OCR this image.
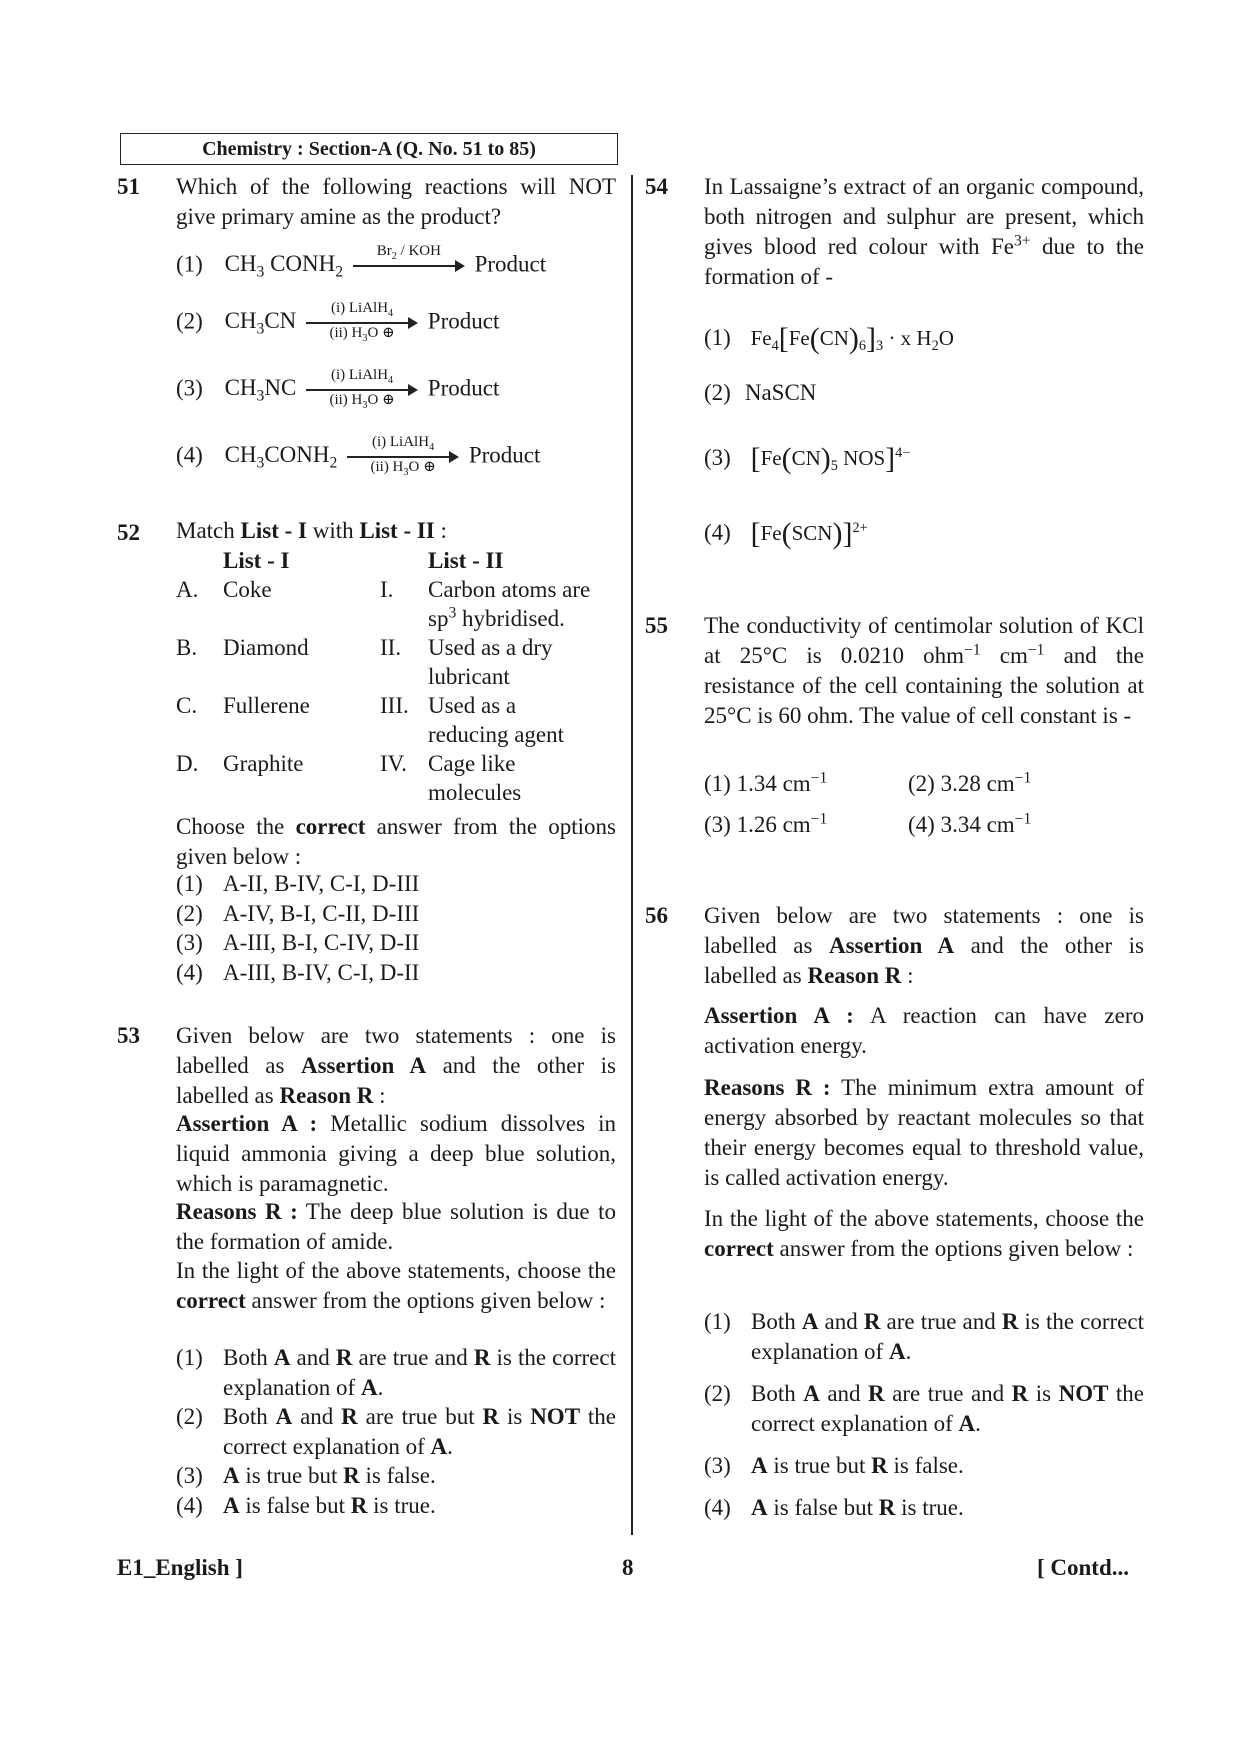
Chemistry : Section-A (Q. No. 51 to 85)
51 Which of the following reactions will NOT give primary amine as the product?
(1) $CH_3$ $CONH_2$
$Br_2$ / KOH
Product
(2) $CH_3CN$
(i) LiAlH$_4$
(ii) $H_3O$ ⊕	Product
(3) $CH_3NC$
(i) LiAlH$_4$
(ii) $H_3O$ ⊕	Product
(4) $CH_3CONH_2$
(i) LiAlH$_4$
(ii) $H_3O$ ⊕	Product
52 Match List - I with List - II :
List - I	List - II
A. Coke	I. Carbon atoms are
$sp^3$ hybridised.
B. Diamond	II. Used as a dry
lubricant
C. Fullerene	III. Used as a
reducing agent
D. Graphite	IV. Cage like
molecules
Choose the correct answer from the options given below :
(1) A-II, B-IV, C-I, D-III
(2) A-IV, B-I, C-II, D-III
(3) A-III, B-I, C-IV, D-II
(4) A-III, B-IV, C-I, D-II
53 Given below are two statements : one is labelled as Assertion A and the other is labelled as Reason R :
Assertion A : Metallic sodium dissolves in liquid ammonia giving a deep blue solution, which is paramagnetic.
Reasons R : The deep blue solution is due to the formation of amide.
In the light of the above statements, choose the correct answer from the options given below :
(1) Both A and R are true and R is the correct explanation of A.
(2) Both A and R are true but R is NOT the correct explanation of A.
(3) A is true but R is false.
(4) A is false but R is true.
54 In Lassaigne’s extract of an organic compound, both nitrogen and sulphur are present, which gives blood red colour with $Fe^{3+}$ due to the formation of -
(1) $Fe_4[Fe(CN)_6]_3 \cdot x$ $H_2O$
(2) NaSCN
(3) [$Fe(CN)_5$ NOS]$^{4-}$
(4) $[Fe(SCN)]^{2+}$
55 The conductivity of centimolar solution of KCl at 25°C is 0.0210 ohm$^{-1}$ $cm^{-1}$ and the resistance of the cell containing the solution at 25°C is 60 ohm. The value of cell constant is -
(1) 1.34 $cm^{-1}$	(2) 3.28 $cm^{-1}$
(3) 1.26 $cm^{-1}$	(4) 3.34 $cm^{-1}$
56 Given below are two statements : one is labelled as Assertion A and the other is labelled as Reason R :
Assertion A : A reaction can have zero activation energy.
Reasons R : The minimum extra amount of energy absorbed by reactant molecules so that their energy becomes equal to threshold value, is called activation energy.
In the light of the above statements, choose the correct answer from the options given below :
(1) Both A and R are true and R is the correct explanation of A.
(2) Both A and R are true and R is NOT the correct explanation of A.
(3) A is true but R is false.
(4) A is false but R is true.
E1_English ]	8	[ Contd...
